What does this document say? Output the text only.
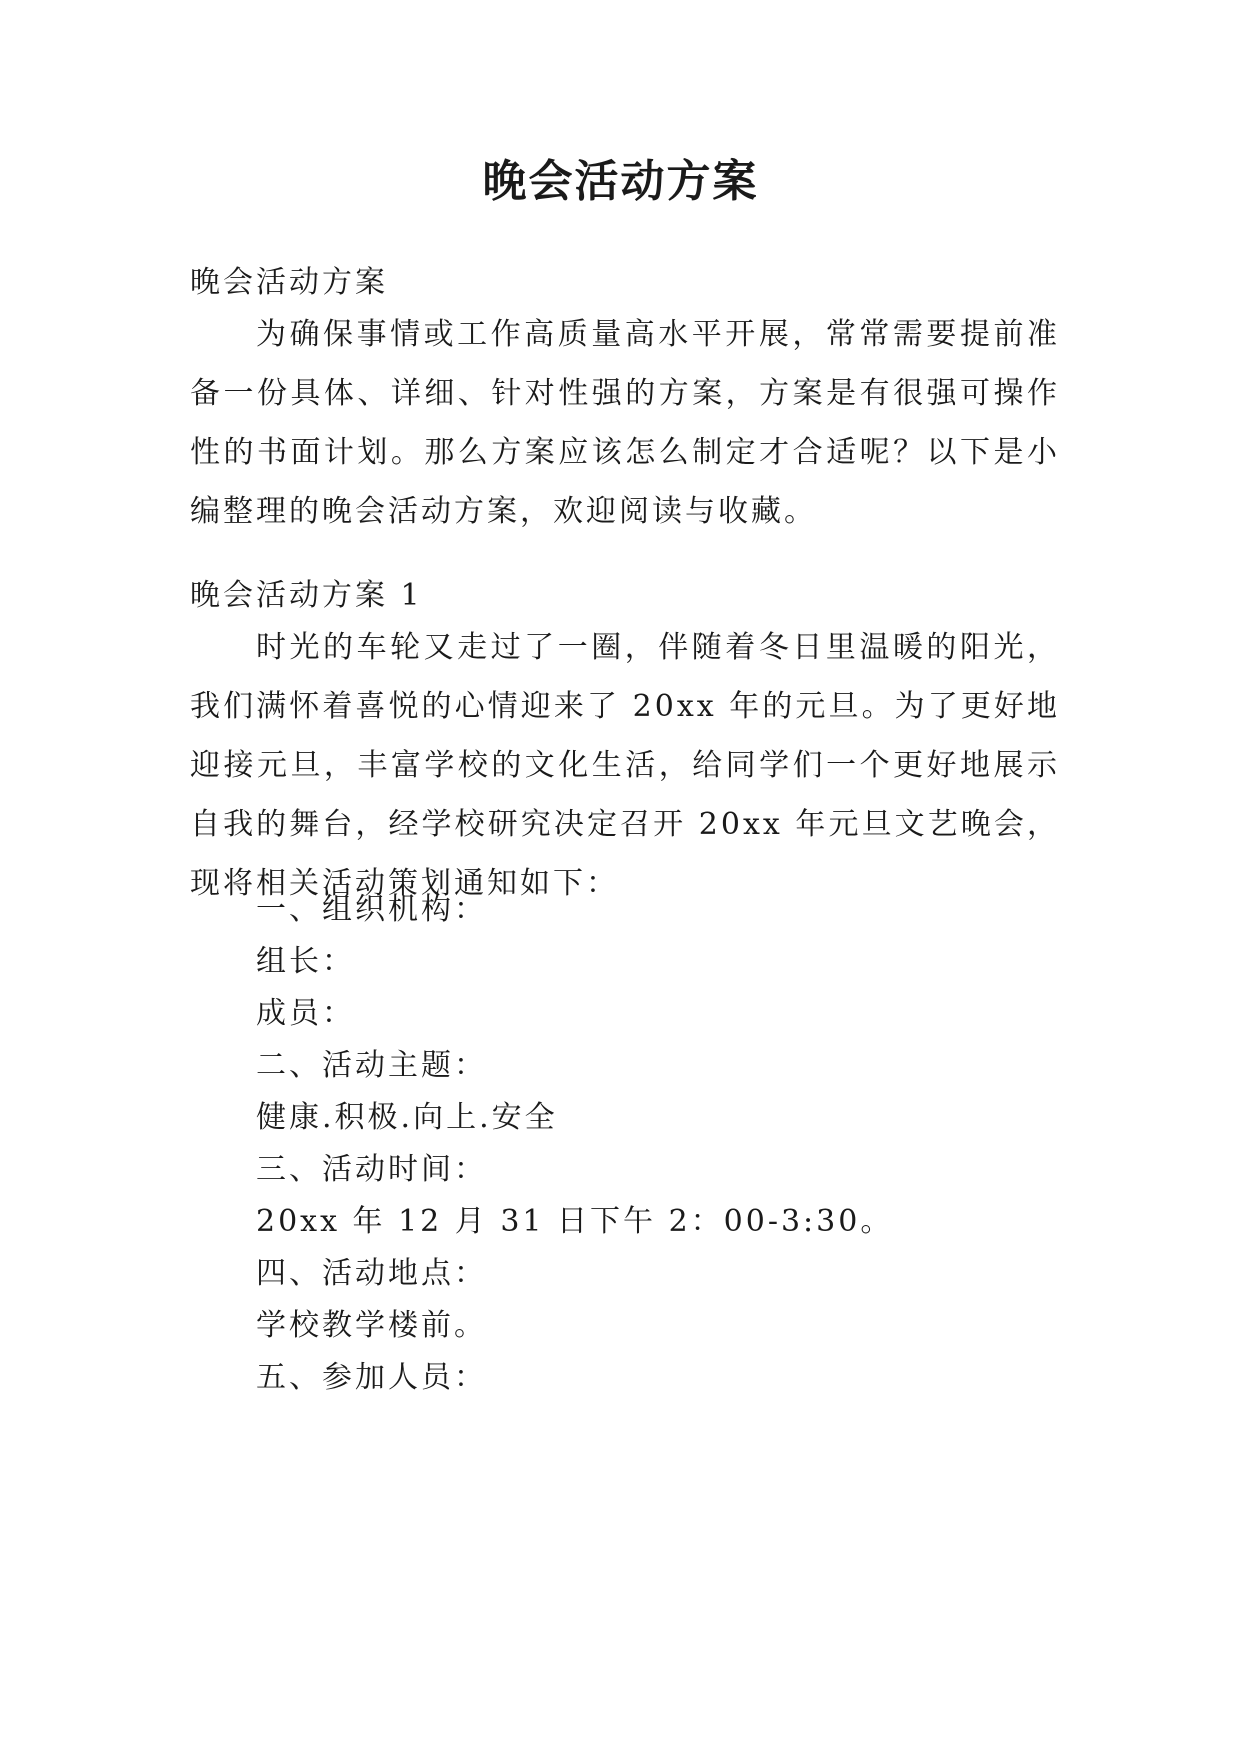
晚会活动方案
晚会活动方案

为确保事情或工作高质量高水平开展，常常需要提前准备一份具体、详细、针对性强的方案，方案是有很强可操作性的书面计划。那么方案应该怎么制定才合适呢？以下是小编整理的晚会活动方案，欢迎阅读与收藏。

晚会活动方案 1

时光的车轮又走过了一圈，伴随着冬日里温暖的阳光，我们满怀着喜悦的心情迎来了 20xx 年的元旦。为了更好地迎接元旦，丰富学校的文化生活，给同学们一个更好地展示自我的舞台，经学校研究决定召开 20xx 年元旦文艺晚会，现将相关活动策划通知如下：

一、组织机构：
组长：
成员：
二、活动主题：
健康.积极.向上.安全
三、活动时间：
20xx 年 12 月 31 日下午 2：00-3:30。
四、活动地点：
学校教学楼前。
五、参加人员：
